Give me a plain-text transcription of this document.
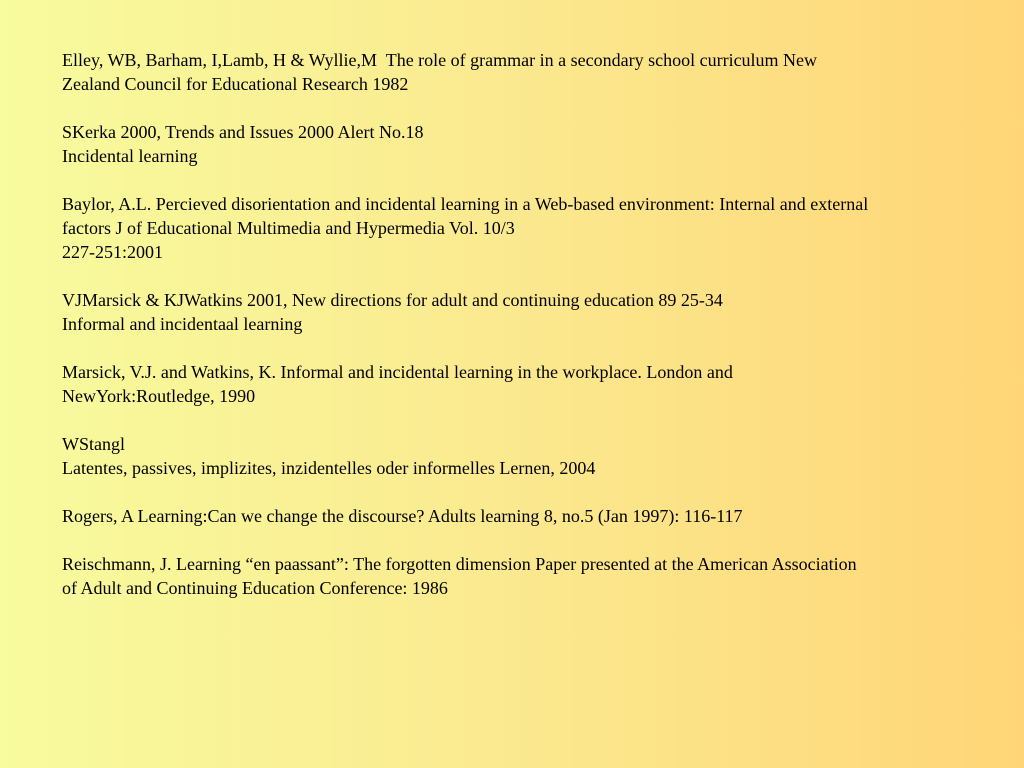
Elley, WB, Barham, I,Lamb, H & Wyllie,M  The role of grammar in a secondary school curriculum New
Zealand Council for Educational Research 1982
SKerka 2000, Trends and Issues 2000 Alert No.18
Incidental learning
Baylor, A.L. Percieved disorientation and incidental learning in a Web-based environment: Internal and external
factors J of Educational Multimedia and Hypermedia Vol. 10/3
227-251:2001
VJMarsick & KJWatkins 2001, New directions for adult and continuing education 89 25-34
Informal and incidentaal learning
Marsick, V.J. and Watkins, K. Informal and incidental learning in the workplace. London and
NewYork:Routledge, 1990
WStangl
Latentes, passives, implizites, inzidentelles oder informelles Lernen, 2004
Rogers, A Learning:Can we change the discourse? Adults learning 8, no.5 (Jan 1997): 116-117
Reischmann, J. Learning “en paassant”: The forgotten dimension Paper presented at the American Association
of Adult and Continuing Education Conference: 1986
